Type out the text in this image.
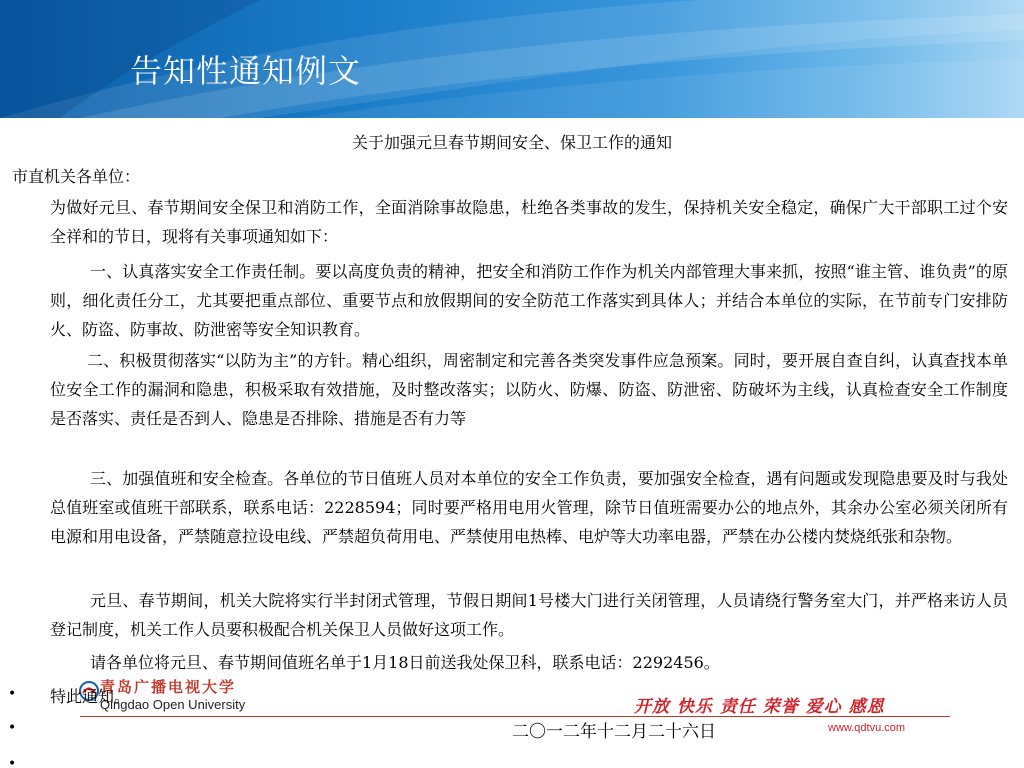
告知性通知例文
关于加强元旦春节期间安全、保卫工作的通知
市直机关各单位：
为做好元旦、春节期间安全保卫和消防工作，全面消除事故隐患，杜绝各类事故的发生，保持机关安全稳定，确保广大干部职工过个安全祥和的节日，现将有关事项通知如下：
一、认真落实安全工作责任制。要以高度负责的精神，把安全和消防工作作为机关内部管理大事来抓，按照“谁主管、谁负责”的原则，细化责任分工，尤其要把重点部位、重要节点和放假期间的安全防范工作落实到具体人；并结合本单位的实际，在节前专门安排防火、防盗、防事故、防泄密等安全知识教育。
二、积极贯彻落实“以防为主”的方针。精心组织，周密制定和完善各类突发事件应急预案。同时，要开展自查自纠，认真查找本单位安全工作的漏洞和隐患，积极采取有效措施，及时整改落实；以防火、防爆、防盗、防泄密、防破坏为主线，认真检查安全工作制度是否落实、责任是否到人、隐患是否排除、措施是否有力等
三、加强值班和安全检查。各单位的节日值班人员对本单位的安全工作负责，要加强安全检查，遇有问题或发现隐患要及时与我处总值班室或值班干部联系，联系电话：2228594；同时要严格用电用火管理，除节日值班需要办公的地点外，其余办公室必须关闭所有电源和用电设备，严禁随意拉设电线、严禁超负荷用电、严禁使用电热棒、电炉等大功率电器，严禁在办公楼内焚烧纸张和杂物。
元旦、春节期间，机关大院将实行半封闭式管理，节假日期间1号楼大门进行关闭管理，人员请绕行警务室大门，并严格来访人员登记制度，机关工作人员要积极配合机关保卫人员做好这项工作。
请各单位将元旦、春节期间值班名单于1月18日前送我处保卫科，联系电话：2292456。
青岛广播电视大学
Qingdao Open University	开放 快乐 责任 荣誉 爱心 感恩
www.qdtvu.com
•
•
•
特此通知。
二〇一二年十二月二十六日
